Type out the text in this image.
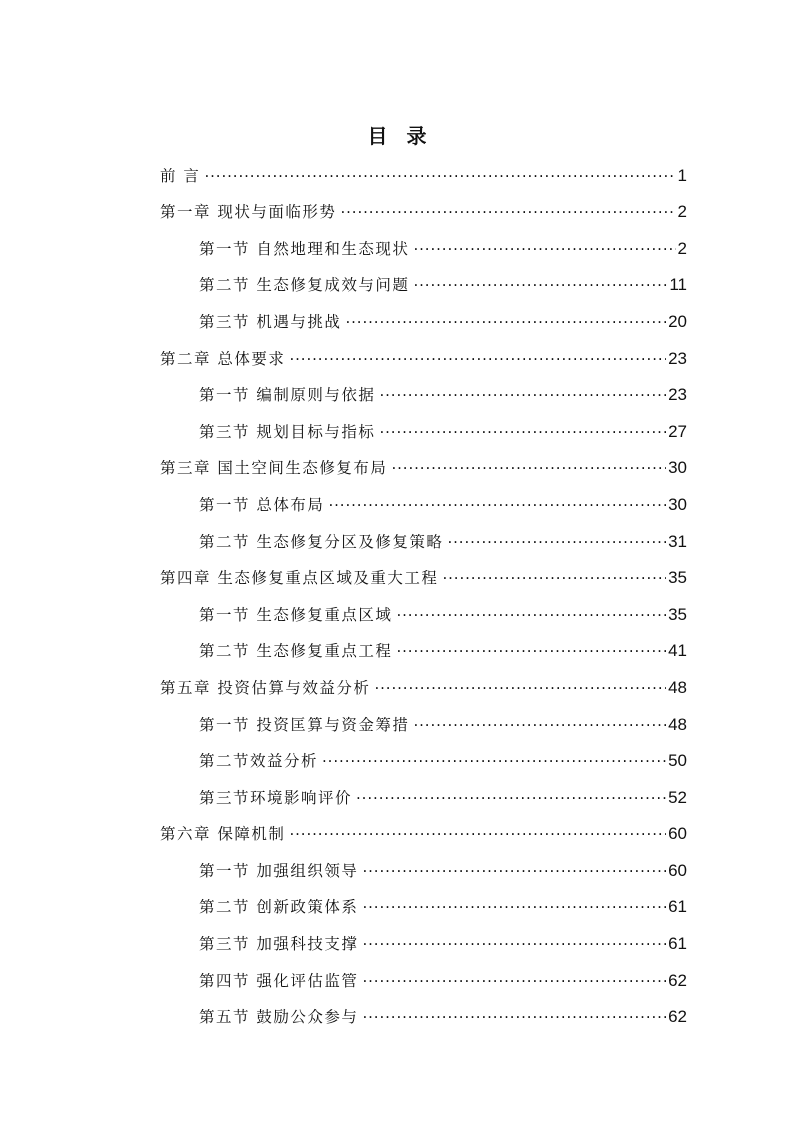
目 录
前 言 .....	1
第一章 现状与面临形势 .....	2
第一节 自然地理和生态现状 .....	2
第二节 生态修复成效与问题 .....	11
第三节 机遇与挑战 .....	20
第二章 总体要求 .....	23
第一节 编制原则与依据 .....	23
第三节 规划目标与指标 .....	27
第三章 国土空间生态修复布局 .....	30
第一节 总体布局 .....	30
第二节 生态修复分区及修复策略 .....	31
第四章 生态修复重点区域及重大工程 .....	35
第一节 生态修复重点区域 .....	35
第二节 生态修复重点工程 .....	41
第五章 投资估算与效益分析 .....	48
第一节 投资匡算与资金筹措 .....	48
第二节效益分析 .....	50
第三节环境影响评价 .....	52
第六章 保障机制 .....	60
第一节 加强组织领导 .....	60
第二节 创新政策体系 .....	61
第三节 加强科技支撑 .....	61
第四节 强化评估监管 .....	62
第五节 鼓励公众参与 .....	62
